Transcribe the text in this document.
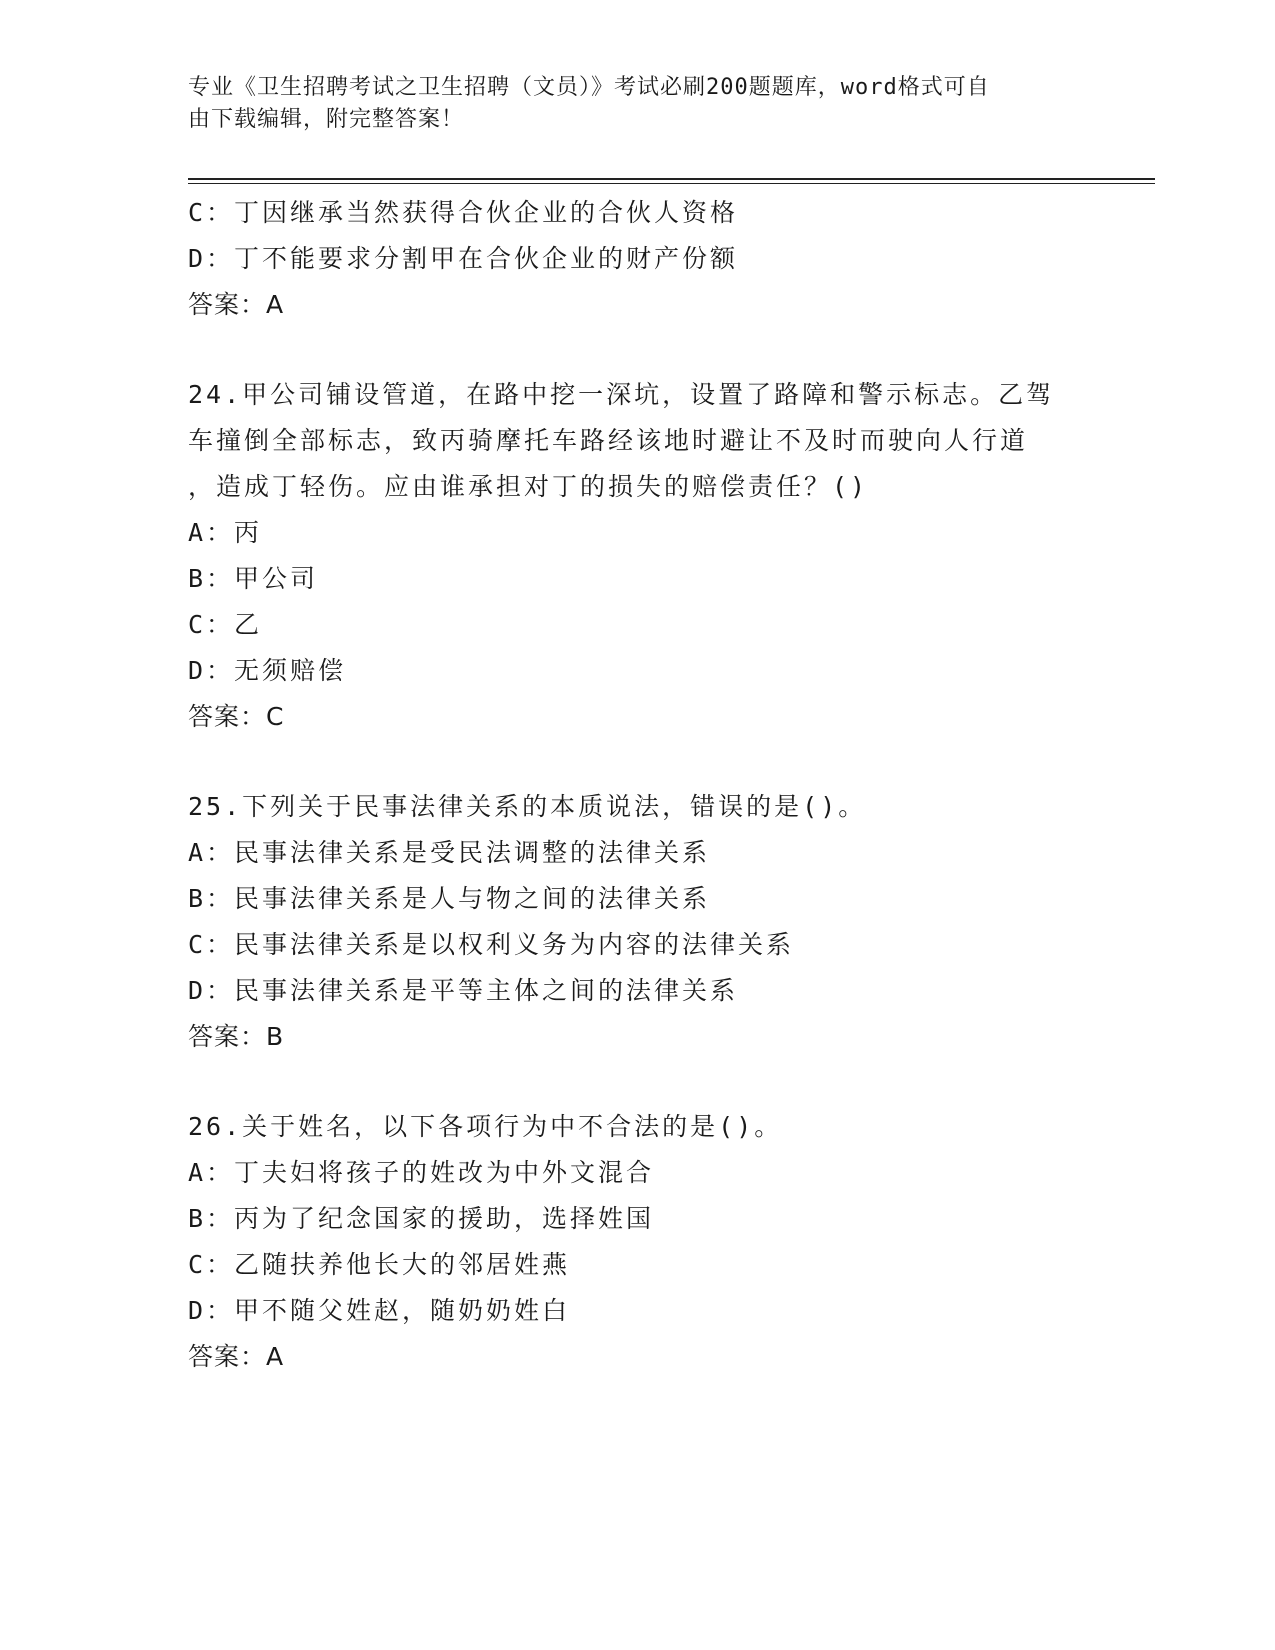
专业《卫生招聘考试之卫生招聘（文员）》考试必刷200题题库，word格式可自
由下载编辑，附完整答案！
C：丁因继承当然获得合伙企业的合伙人资格
D：丁不能要求分割甲在合伙企业的财产份额
答案：A
24.甲公司铺设管道，在路中挖一深坑，设置了路障和警示标志。乙驾
车撞倒全部标志，致丙骑摩托车路经该地时避让不及时而驶向人行道
，造成丁轻伤。应由谁承担对丁的损失的赔偿责任？()
A：丙
B：甲公司
C：乙
D：无须赔偿
答案：C
25.下列关于民事法律关系的本质说法，错误的是()。
A：民事法律关系是受民法调整的法律关系
B：民事法律关系是人与物之间的法律关系
C：民事法律关系是以权利义务为内容的法律关系
D：民事法律关系是平等主体之间的法律关系
答案：B
26.关于姓名，以下各项行为中不合法的是()。
A：丁夫妇将孩子的姓改为中外文混合
B：丙为了纪念国家的援助，选择姓国
C：乙随扶养他长大的邻居姓燕
D：甲不随父姓赵，随奶奶姓白
答案：A
